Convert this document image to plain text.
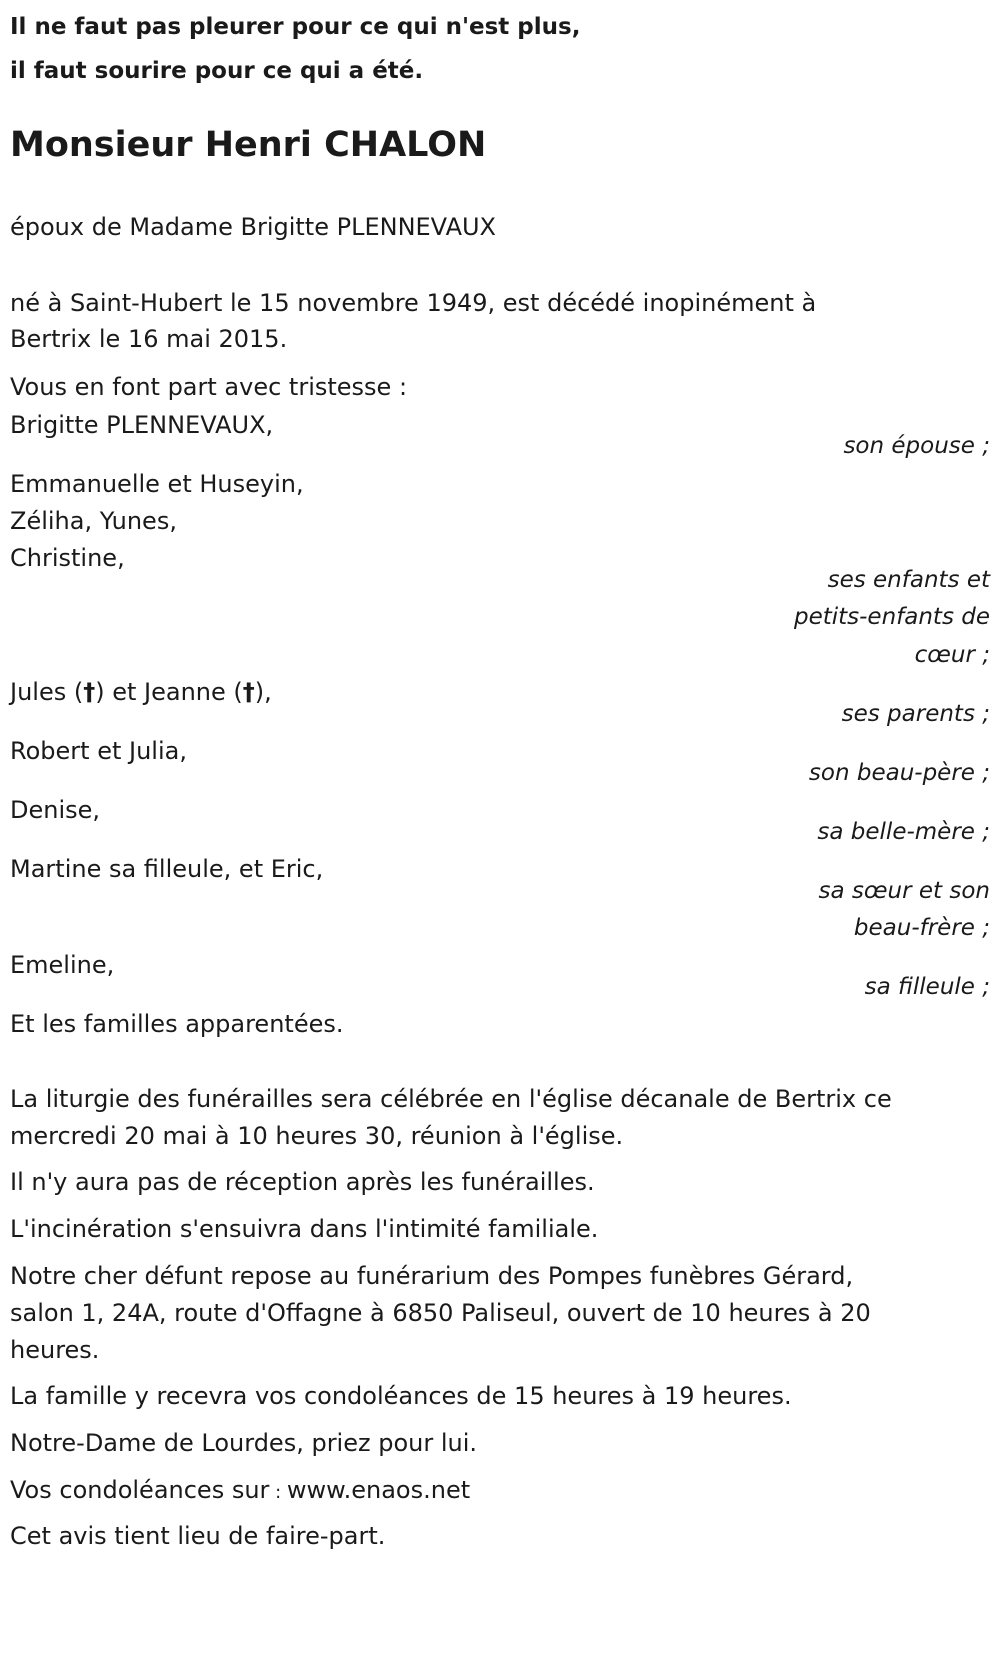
Il ne faut pas pleurer pour ce qui n'est plus,
il faut sourire pour ce qui a été.
Monsieur Henri CHALON
époux de Madame Brigitte PLENNEVAUX
né à Saint-Hubert le 15 novembre 1949, est décédé inopinément à
Bertrix le 16 mai 2015.
Vous en font part avec tristesse :
Brigitte PLENNEVAUX,
son épouse ;
Emmanuelle et Huseyin,
Zéliha, Yunes,
Christine,
ses enfants et
petits-enfants de
cœur ;
Jules (†) et Jeanne (†),
ses parents ;
Robert et Julia,
son beau-père ;
Denise,
sa belle-mère ;
Martine sa filleule, et Eric,
sa sœur et son
beau-frère ;
Emeline,
sa filleule ;
Et les familles apparentées.
La liturgie des funérailles sera célébrée en l'église décanale de Bertrix ce
mercredi 20 mai à 10 heures 30, réunion à l'église.
Il n'y aura pas de réception après les funérailles.
L'incinération s'ensuivra dans l'intimité familiale.
Notre cher défunt repose au funérarium des Pompes funèbres Gérard,
salon 1, 24A, route d'Offagne à 6850 Paliseul, ouvert de 10 heures à 20
heures.
La famille y recevra vos condoléances de 15 heures à 19 heures.
Notre-Dame de Lourdes, priez pour lui.
Vos condoléances sur : www.enaos.net
Cet avis tient lieu de faire-part.
